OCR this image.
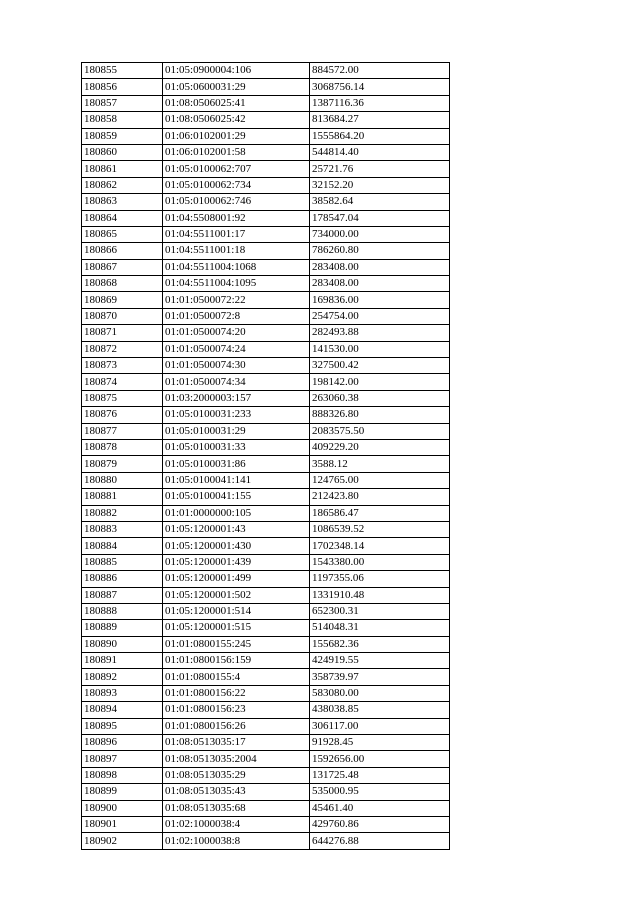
180855	01:05:0900004:106	884572.00
180856	01:05:0600031:29	3068756.14
180857	01:08:0506025:41	1387116.36
180858	01:08:0506025:42	813684.27
180859	01:06:0102001:29	1555864.20
180860	01:06:0102001:58	544814.40
180861	01:05:0100062:707	25721.76
180862	01:05:0100062:734	32152.20
180863	01:05:0100062:746	38582.64
180864	01:04:5508001:92	178547.04
180865	01:04:5511001:17	734000.00
180866	01:04:5511001:18	786260.80
180867	01:04:5511004:1068	283408.00
180868	01:04:5511004:1095	283408.00
180869	01:01:0500072:22	169836.00
180870	01:01:0500072:8	254754.00
180871	01:01:0500074:20	282493.88
180872	01:01:0500074:24	141530.00
180873	01:01:0500074:30	327500.42
180874	01:01:0500074:34	198142.00
180875	01:03:2000003:157	263060.38
180876	01:05:0100031:233	888326.80
180877	01:05:0100031:29	2083575.50
180878	01:05:0100031:33	409229.20
180879	01:05:0100031:86	3588.12
180880	01:05:0100041:141	124765.00
180881	01:05:0100041:155	212423.80
180882	01:01:0000000:105	186586.47
180883	01:05:1200001:43	1086539.52
180884	01:05:1200001:430	1702348.14
180885	01:05:1200001:439	1543380.00
180886	01:05:1200001:499	1197355.06
180887	01:05:1200001:502	1331910.48
180888	01:05:1200001:514	652300.31
180889	01:05:1200001:515	514048.31
180890	01:01:0800155:245	155682.36
180891	01:01:0800156:159	424919.55
180892	01:01:0800155:4	358739.97
180893	01:01:0800156:22	583080.00
180894	01:01:0800156:23	438038.85
180895	01:01:0800156:26	306117.00
180896	01:08:0513035:17	91928.45
180897	01:08:0513035:2004	1592656.00
180898	01:08:0513035:29	131725.48
180899	01:08:0513035:43	535000.95
180900	01:08:0513035:68	45461.40
180901	01:02:1000038:4	429760.86
180902	01:02:1000038:8	644276.88
